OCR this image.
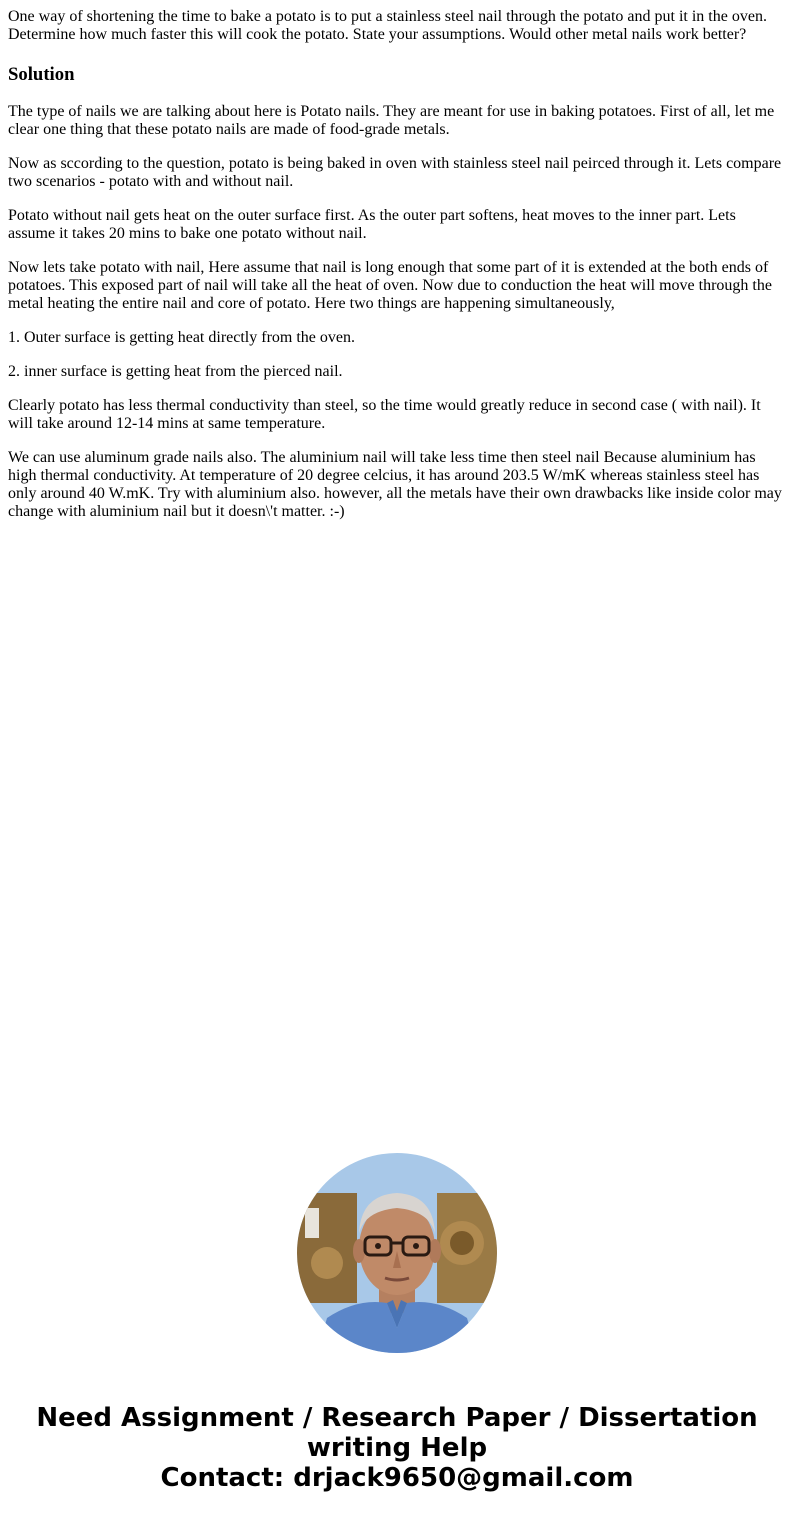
One way of shortening the time to bake a potato is to put a stainless steel nail through the potato and put it in the oven. Determine how much faster this will cook the potato. State your assumptions. Would other metal nails work better?

Solution

The type of nails we are talking about here is Potato nails. They are meant for use in baking potatoes. First of all, let me clear one thing that these potato nails are made of food-grade metals.

Now as sccording to the question, potato is being baked in oven with stainless steel nail peirced through it. Lets compare two scenarios - potato with and without nail.

Potato without nail gets heat on the outer surface first. As the outer part softens, heat moves to the inner part. Lets assume it takes 20 mins to bake one potato without nail.

Now lets take potato with nail, Here assume that nail is long enough that some part of it is extended at the both ends of potatoes. This exposed part of nail will take all the heat of oven. Now due to conduction the heat will move through the metal heating the entire nail and core of potato. Here two things are happening simultaneously,

1. Outer surface is getting heat directly from the oven.

2. inner surface is getting heat from the pierced nail.

Clearly potato has less thermal conductivity than steel, so the time would greatly reduce in second case ( with nail). It will take around 12-14 mins at same temperature.

We can use aluminum grade nails also. The aluminium nail will take less time then steel nail Because aluminium has high thermal conductivity. At temperature of 20 degree celcius, it has around 203.5 W/mK whereas stainless steel has only around 40 W.mK. Try with aluminium also. however, all the metals have their own drawbacks like inside color may change with aluminium nail but it doesn\'t matter. :-)

Need Assignment / Research Paper / Dissertation
writing Help
Contact: drjack9650@gmail.com
